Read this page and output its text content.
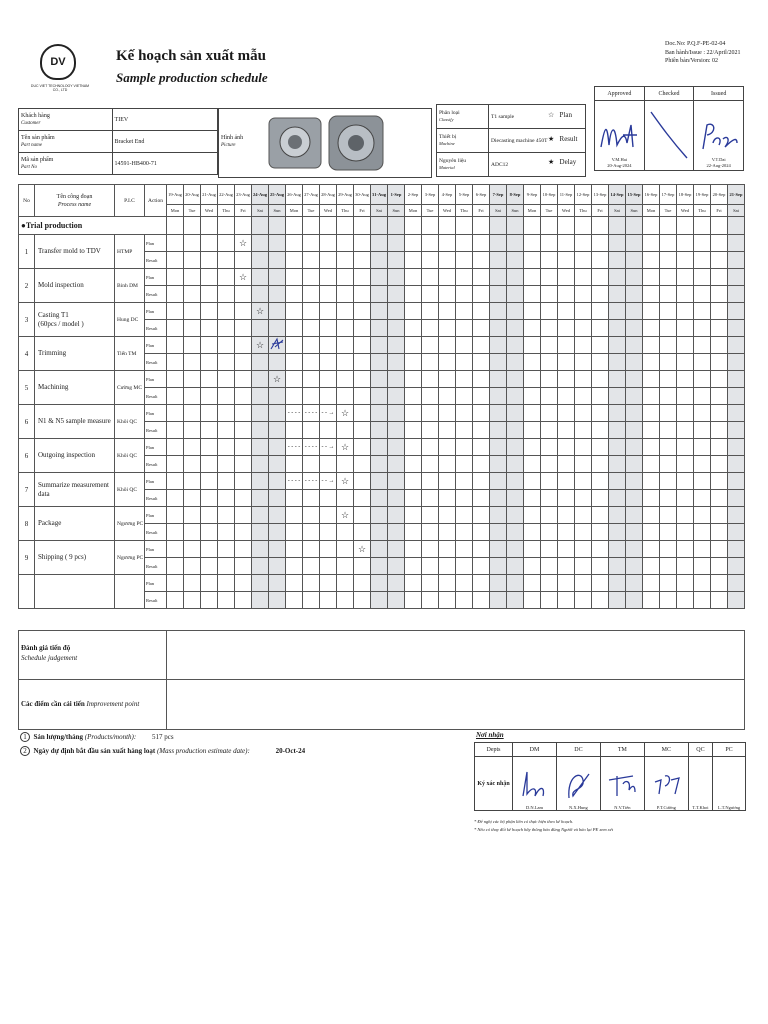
DV
DUC VIET TECHNOLOGY VIETNAM CO., LTD
Kế hoạch sản xuất mẫu
Sample production schedule
Doc.No: P.Q.F-PE-02-04
Ban hành/Issue : 22/April/2021
Phiên bản/Version: 02
Approved	Checked	Issued

V.M.Hai
20-Aug-2024		V.T.Dai
22-Aug-2024
Khách hàng
Customer	TIEV
Tên sản phẩm
Part name	Bracket End
Mã sản phẩm
Part No	14591-HB400-71
Hình ảnh
Picture
Phân loại
Classify	T1 sample
Thiết bị
Machine	Diecasting machine 450T
Nguyên liệu
Material	ADC12
☆ Plan
★ Result
★ Delay
No	Tên công đoạn
Process name	P.I.C	Action	19-Aug	20-Aug	21-Aug	22-Aug	23-Aug	24-Aug	25-Aug	26-Aug	27-Aug	28-Aug	29-Aug	30-Aug	31-Aug	1-Sep	2-Sep	3-Sep	4-Sep	5-Sep	6-Sep	7-Sep	8-Sep	9-Sep	10-Sep	11-Sep	12-Sep	13-Sep	14-Sep	15-Sep	16-Sep	17-Sep	18-Sep	19-Sep	20-Sep	21-Sep
				Mon	Tue	Wed	Thu	Fri	Sat	Sun	Mon	Tue	Wed	Thu	Fri	Sat	Sun	Mon	Tue	Wed	Thu	Fri	Sat	Sun	Mon	Tue	Wed	Thu	Fri	Sat	Sun	Mon	Tue	Wed	Thu	Fri	Sat
●Trial production																																					
1	Transfer mold to TDV	HTMP	Plan					☆																													
			Result																																		
2	Mold inspection	Binh DM	Plan					☆																													
			Result																																		
3	Casting T1
(60pcs / model )	Hung DC	Plan						☆																												
			Result																																		
4	Trimming	Tiến TM	Plan						☆																												
			Result																																		
5	Machining	Cường MC	Plan							☆																											
			Result																																		
6	N1 & N5 sample measure	Khôi QC	Plan								- - - -	- - - -	- - →	☆																							
			Result																																		
6	Outgoing inspection	Khôi QC	Plan								- - - -	- - - -	- - →	☆																							
			Result																																		
7	Summarize measurement data	Khôi QC	Plan								- - - -	- - - -	- - →	☆																							
			Result																																		
8	Package	Ngương PC	Plan											☆																							
			Result																																		
9	Shipping ( 9 pcs)	Ngương PC	Plan												☆																						
			Result																																		
			Plan																																		
			Result																																		
Đánh giá tiến độ
Schedule judgement
Các điểm cần cải tiến Improvement point
1 Sản lượng/tháng (Products/month): 517 pcs
2 Ngày dự định bắt đầu sản xuất hàng loạt (Mass production estimate date):	20-Oct-24
Nơi nhận
Depts	DM	DC	TM	MC	QC	PC
Ký xác nhận	D.N.Lam	N.X.Hung	N.V.Tiến	P.T.Cường	T.T.Khoi	L.T.Ngương
* Để nghị các bộ phận liên có thực hiện theo kế hoạch.
* Nếu có thay đổi kế hoạch hãy thông báo đúng Người và báo lại PE xem xét
